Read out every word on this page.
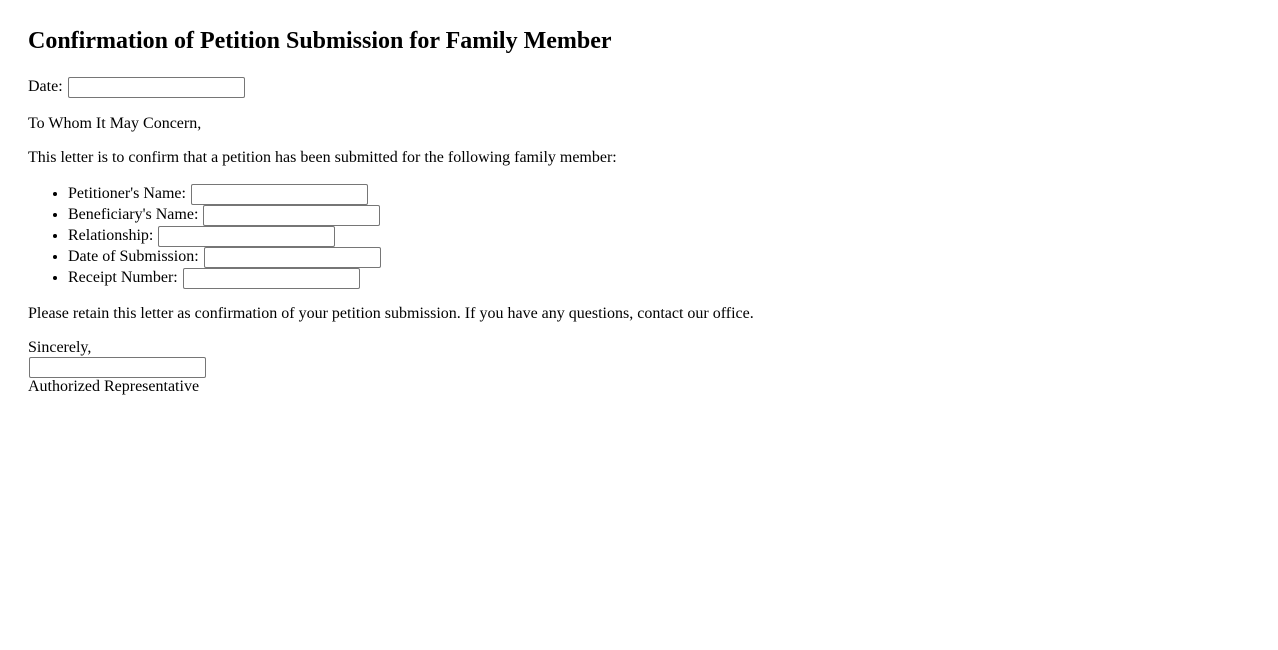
Confirmation of Petition Submission for Family Member

Date:

To Whom It May Concern,

This letter is to confirm that a petition has been submitted for the following family member:

• Petitioner's Name:
• Beneficiary's Name:
• Relationship:
• Date of Submission:
• Receipt Number:

Please retain this letter as confirmation of your petition submission. If you have any questions, contact our office.

Sincerely,

Authorized Representative
